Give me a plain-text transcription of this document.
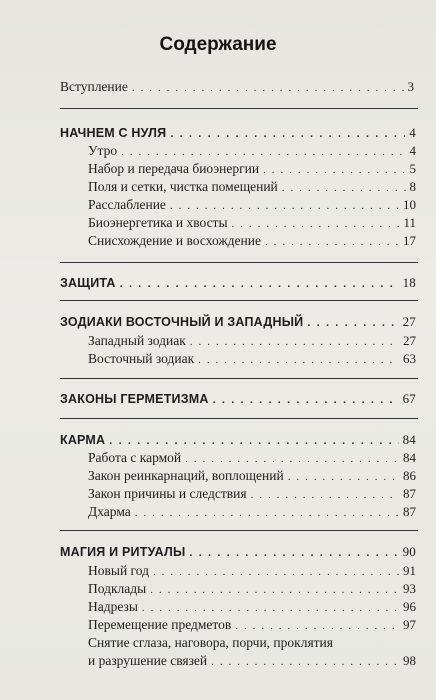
Содержание
Вступление . . .	3
НАЧНЕМ С НУЛЯ . . .	4
Утро . . .	4
Набор и передача биоэнергии . . .	5
Поля и сетки, чистка помещений . . .	8
Расслабление . . .	10
Биоэнергетика и хвосты . . .	11
Снисхождение и восхождение . . .	17
ЗАЩИТА . . .	18
ЗОДИАКИ ВОСТОЧНЫЙ И ЗАПАДНЫЙ . . .	27
Западный зодиак . . .	27
Восточный зодиак . . .	63
ЗАКОНЫ ГЕРМЕТИЗМА . . .	67
КАРМА . . .	84
Работа с кармой . . .	84
Закон реинкарнаций, воплощений . . .	86
Закон причины и следствия . . .	87
Дхарма . . .	87
МАГИЯ И РИТУАЛЫ . . .	90
Новый год . . .	91
Подклады . . .	93
Надрезы . . .	96
Перемещение предметов . . .	97
Снятие сглаза, наговора, порчи, проклятия
и разрушение связей . . .	98
